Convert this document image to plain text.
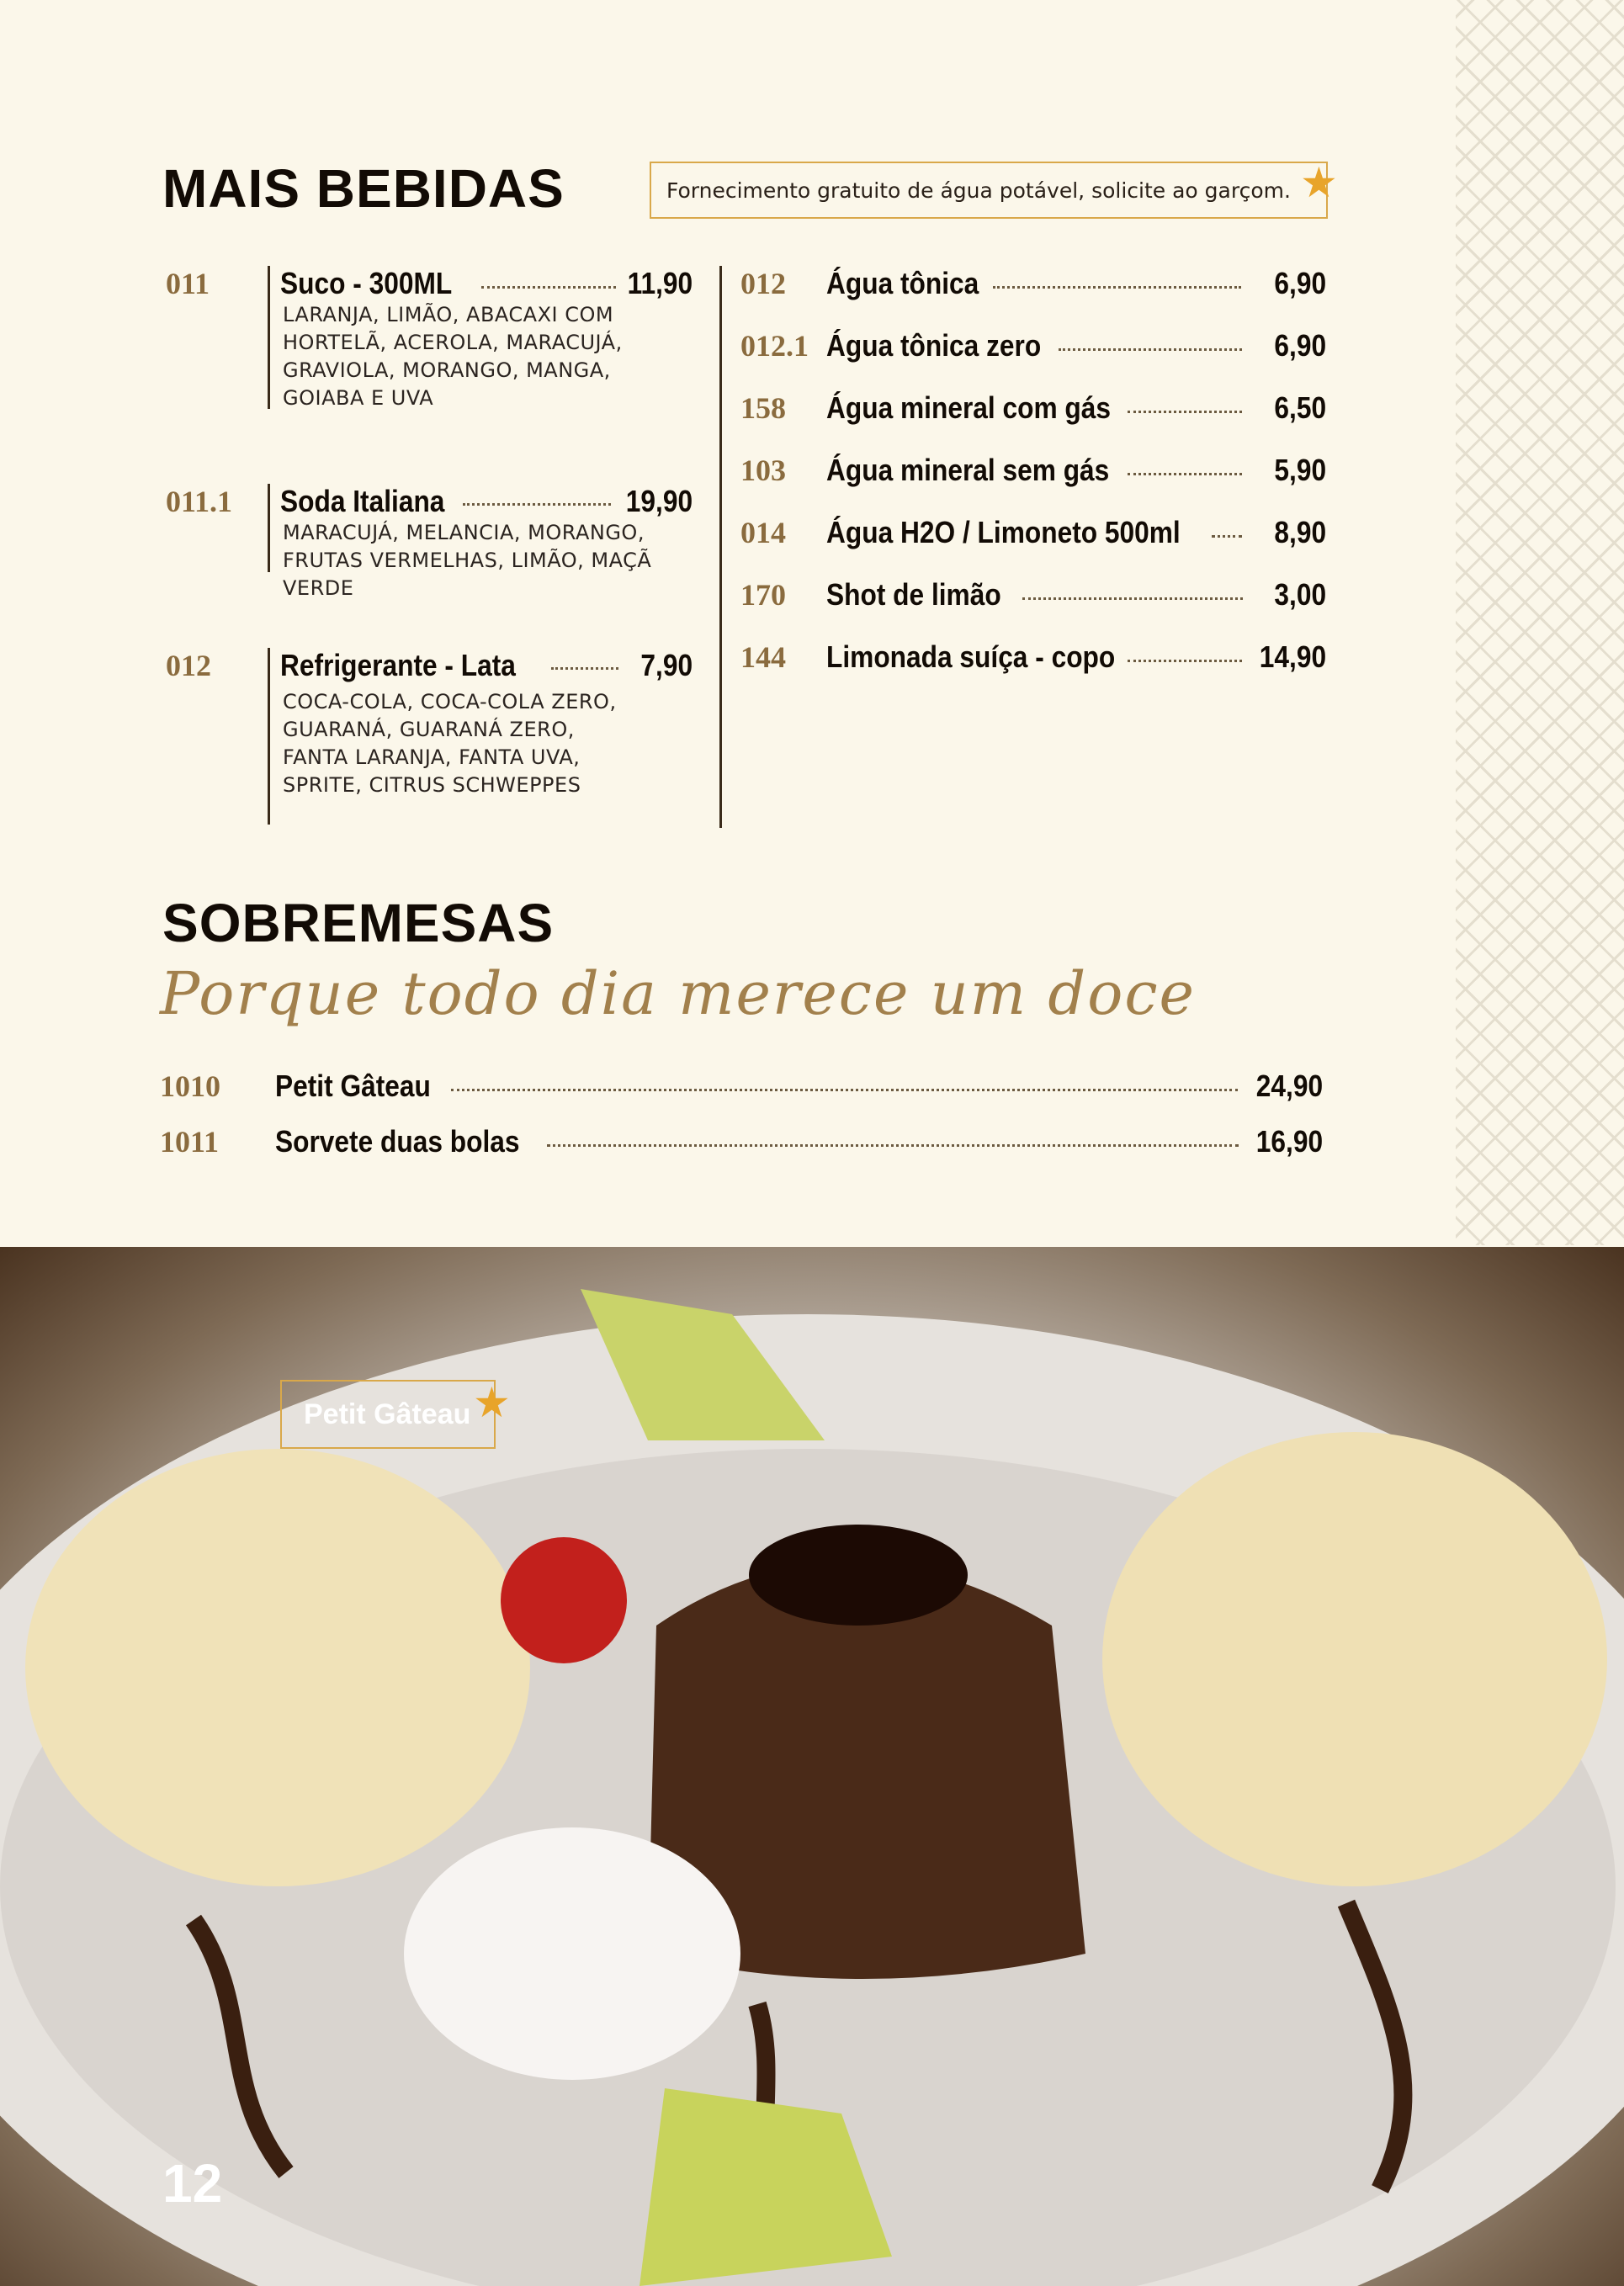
MAIS BEBIDAS	Fornecimento gratuito de água potável, solicite ao garçom. ★
011 Suco - 300ML	11,90
LARANJA, LIMÃO, ABACAXI COM
HORTELÃ, ACEROLA, MARACUJÁ,
GRAVIOLA, MORANGO, MANGA,
GOIABA E UVA
011.1 Soda Italiana	19,90
MARACUJÁ, MELANCIA, MORANGO,
FRUTAS VERMELHAS, LIMÃO, MAÇÃ
VERDE
012 Refrigerante - Lata	7,90
COCA-COLA, COCA-COLA ZERO,
GUARANÁ, GUARANÁ ZERO,
FANTA LARANJA, FANTA UVA,
SPRITE, CITRUS SCHWEPPES
012 Água tônica	6,90
012.1 Água tônica zero	6,90
158 Água mineral com gás	6,50
103 Água mineral sem gás	5,90
014 Água H2O / Limoneto 500ml	8,90
170 Shot de limão	3,00
144 Limonada suíça - copo	14,90
SOBREMESAS
Porque todo dia merece um doce
1010 Petit Gâteau	24,90
1011 Sorvete duas bolas	16,90
Petit Gâteau ★
12
